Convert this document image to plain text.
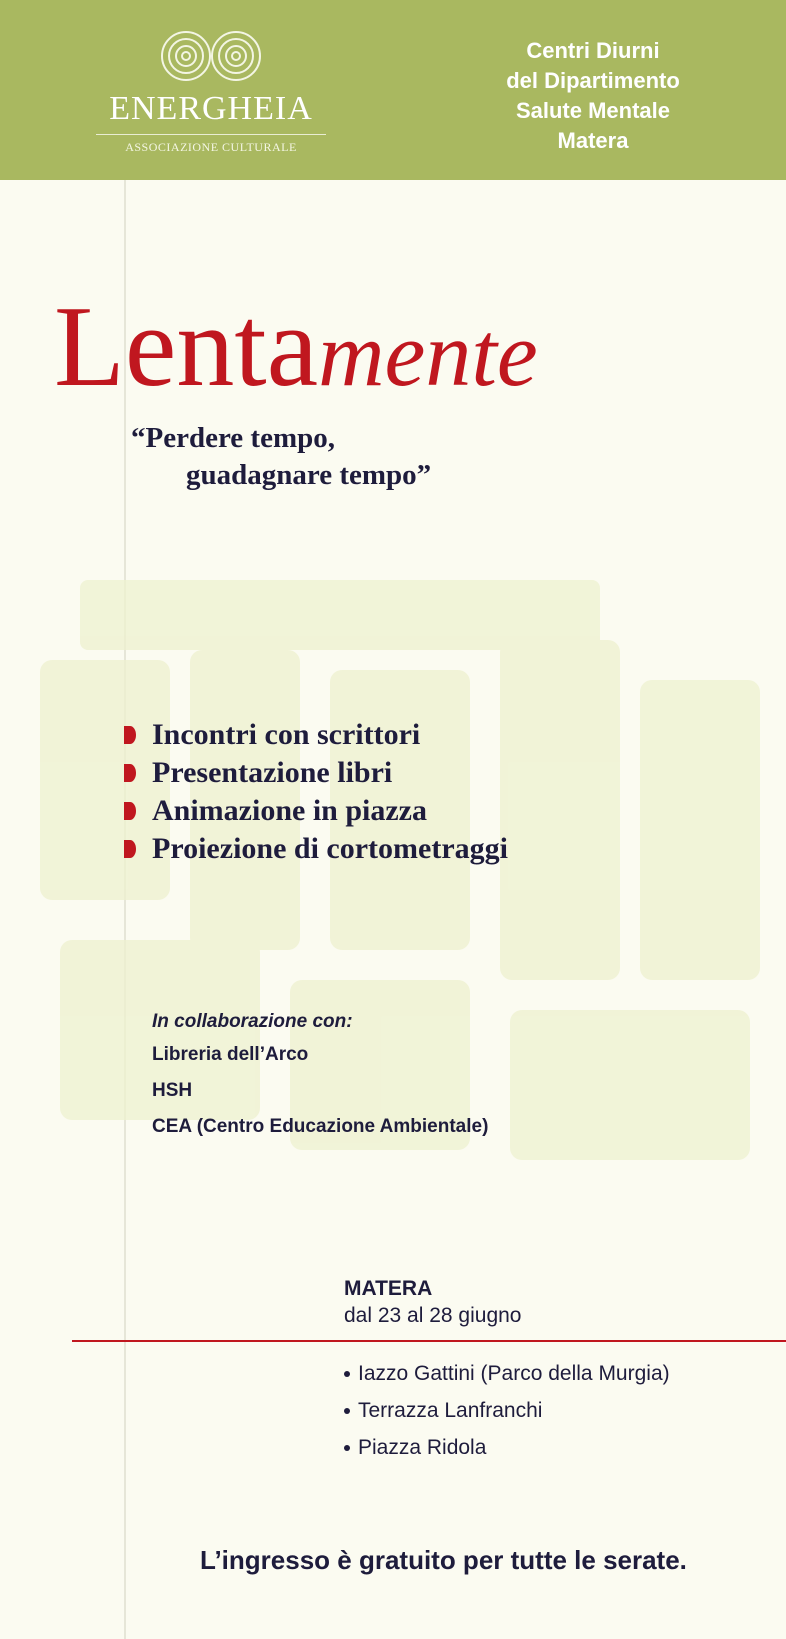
ENERGHEIA
ASSOCIAZIONE CULTURALE
Centri Diurni
del Dipartimento
Salute Mentale
Matera
Lentamente
“Perdere tempo,
guadagnare tempo”
Incontri con scrittori
Presentazione libri
Animazione in piazza
Proiezione di cortometraggi
In collaborazione con:
Libreria dell’Arco
HSH
CEA (Centro Educazione Ambientale)
MATERA
dal 23 al 28 giugno
Iazzo Gattini (Parco della Murgia)
Terrazza Lanfranchi
Piazza Ridola
L’ingresso è gratuito per tutte le serate.
